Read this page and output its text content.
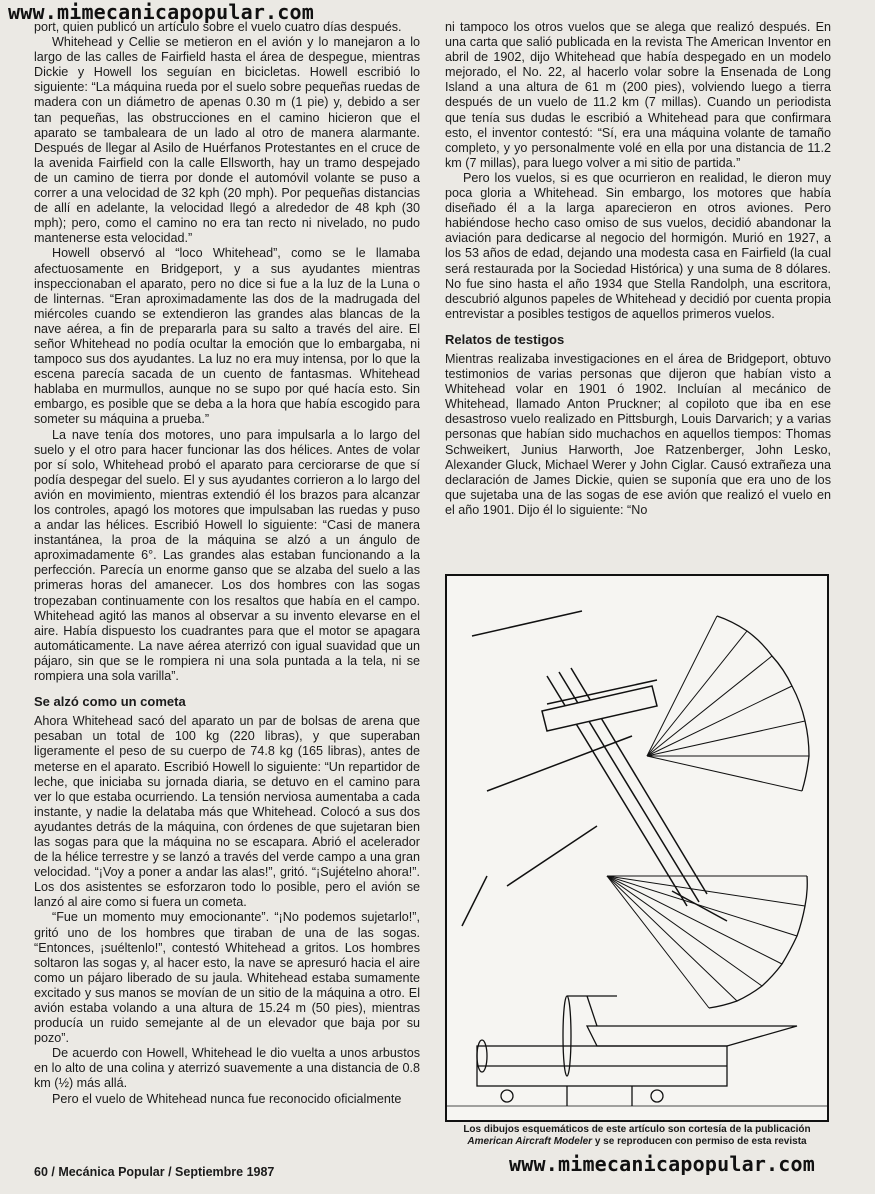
www.mimecanicapopular.com

port, quien publicó un artículo sobre el vuelo cuatro días después.

Whitehead y Cellie se metieron en el avión y lo manejaron a lo largo de las calles de Fairfield hasta el área de despegue, mientras Dickie y Howell los seguían en bicicletas. Howell escribió lo siguiente: “La máquina rueda por el suelo sobre pequeñas ruedas de madera con un diámetro de apenas 0.30 m (1 pie) y, debido a ser tan pequeñas, las obstrucciones en el camino hicieron que el aparato se tambaleara de un lado al otro de manera alarmante. Después de llegar al Asilo de Huérfanos Protestantes en el cruce de la avenida Fairfield con la calle Ellsworth, hay un tramo despejado de un camino de tierra por donde el automóvil volante se puso a correr a una velocidad de 32 kph (20 mph). Por pequeñas distancias de allí en adelante, la velocidad llegó a alrededor de 48 kph (30 mph); pero, como el camino no era tan recto ni nivelado, no pudo mantenerse esta velocidad.”

Howell observó al “loco Whitehead”, como se le llamaba afectuosamente en Bridgeport, y a sus ayudantes mientras inspeccionaban el aparato, pero no dice si fue a la luz de la Luna o de linternas. “Eran aproximadamente las dos de la madrugada del miércoles cuando se extendieron las grandes alas blancas de la nave aérea, a fin de prepararla para su salto a través del aire. El señor Whitehead no podía ocultar la emoción que lo embargaba, ni tampoco sus dos ayudantes. La luz no era muy intensa, por lo que la escena parecía sacada de un cuento de fantasmas. Whitehead hablaba en murmullos, aunque no se supo por qué hacía esto. Sin embargo, es posible que se deba a la hora que había escogido para someter su máquina a prueba.”

La nave tenía dos motores, uno para impulsarla a lo largo del suelo y el otro para hacer funcionar las dos hélices. Antes de volar por sí solo, Whitehead probó el aparato para cerciorarse de que sí podía despegar del suelo. El y sus ayudantes corrieron a lo largo del avión en movimiento, mientras extendió él los brazos para alcanzar los controles, apagó los motores que impulsaban las ruedas y puso a andar las hélices. Escribió Howell lo siguiente: “Casi de manera instantánea, la proa de la máquina se alzó a un ángulo de aproximadamente 6°. Las grandes alas estaban funcionando a la perfección. Parecía un enorme ganso que se alzaba del suelo a las primeras horas del amanecer. Los dos hombres con las sogas tropezaban continuamente con los resaltos que había en el campo. Whitehead agitó las manos al observar a su invento elevarse en el aire. Había dispuesto los cuadrantes para que el motor se apagara automáticamente. La nave aérea aterrizó con igual suavidad que un pájaro, sin que se le rompiera ni una sola puntada a la tela, ni se rompiera una sola varilla”.

Se alzó como un cometa

Ahora Whitehead sacó del aparato un par de bolsas de arena que pesaban un total de 100 kg (220 libras), y que superaban ligeramente el peso de su cuerpo de 74.8 kg (165 libras), antes de meterse en el aparato. Escribió Howell lo siguiente: “Un repartidor de leche, que iniciaba su jornada diaria, se detuvo en el camino para ver lo que estaba ocurriendo. La tensión nerviosa aumentaba a cada instante, y nadie la delataba más que Whitehead. Colocó a sus dos ayudantes detrás de la máquina, con órdenes de que sujetaran bien las sogas para que la máquina no se escapara. Abrió el acelerador de la hélice terrestre y se lanzó a través del verde campo a una gran velocidad. “¡Voy a poner a andar las alas!”, gritó. “¡Sujételno ahora!”. Los dos asistentes se esforzaron todo lo posible, pero el avión se lanzó al aire como si fuera un cometa.

“Fue un momento muy emocionante”. “¡No podemos sujetarlo!”, gritó uno de los hombres que tiraban de una de las sogas. “Entonces, ¡suéltenlo!”, contestó Whitehead a gritos. Los hombres soltaron las sogas y, al hacer esto, la nave se apresuró hacia el aire como un pájaro liberado de su jaula. Whitehead estaba sumamente excitado y sus manos se movían de un sitio de la máquina a otro. El avión estaba volando a una altura de 15.24 m (50 pies), mientras producía un ruido semejante al de un elevador que baja por su pozo”.

De acuerdo con Howell, Whitehead le dio vuelta a unos arbustos en lo alto de una colina y aterrizó suavemente a una distancia de 0.8 km (½) más allá.

Pero el vuelo de Whitehead nunca fue reconocido oficialmente

ni tampoco los otros vuelos que se alega que realizó después. En una carta que salió publicada en la revista The American Inventor en abril de 1902, dijo Whitehead que había despegado en un modelo mejorado, el No. 22, al hacerlo volar sobre la Ensenada de Long Island a una altura de 61 m (200 pies), volviendo luego a tierra después de un vuelo de 11.2 km (7 millas). Cuando un periodista que tenía sus dudas le escribió a Whitehead para que confirmara esto, el inventor contestó: “Sí, era una máquina volante de tamaño completo, y yo personalmente volé en ella por una distancia de 11.2 km (7 millas), para luego volver a mi sitio de partida.”

Pero los vuelos, si es que ocurrieron en realidad, le dieron muy poca gloria a Whitehead. Sin embargo, los motores que había diseñado él a la larga aparecieron en otros aviones. Pero habiéndose hecho caso omiso de sus vuelos, decidió abandonar la aviación para dedicarse al negocio del hormigón. Murió en 1927, a los 53 años de edad, dejando una modesta casa en Fairfield (la cual será restaurada por la Sociedad Histórica) y una suma de 8 dólares. No fue sino hasta el año 1934 que Stella Randolph, una escritora, descubrió algunos papeles de Whitehead y decidió por cuenta propia entrevistar a posibles testigos de aquellos primeros vuelos.

Relatos de testigos

Mientras realizaba investigaciones en el área de Bridgeport, obtuvo testimonios de varias personas que dijeron que habían visto a Whitehead volar en 1901 ó 1902. Incluían al mecánico de Whitehead, llamado Anton Pruckner; al copiloto que iba en ese desastroso vuelo realizado en Pittsburgh, Louis Darvarich; y a varias personas que habían sido muchachos en aquellos tiempos: Thomas Schweikert, Junius Harworth, Joe Ratzenberger, John Lesko, Alexander Gluck, Michael Werer y John Ciglar. Causó extrañeza una declaración de James Dickie, quien se suponía que era uno de los que sujetaba una de las sogas de ese avión que realizó el vuelo en el año 1901. Dijo él lo siguiente: “No

Los dibujos esquemáticos de este artículo son cortesía de la publicación
American Aircraft Modeler y se reproducen con permiso de esta revista
60 / Mecánica Popular / Septiembre 1987	www.mimecanicapopular.com
